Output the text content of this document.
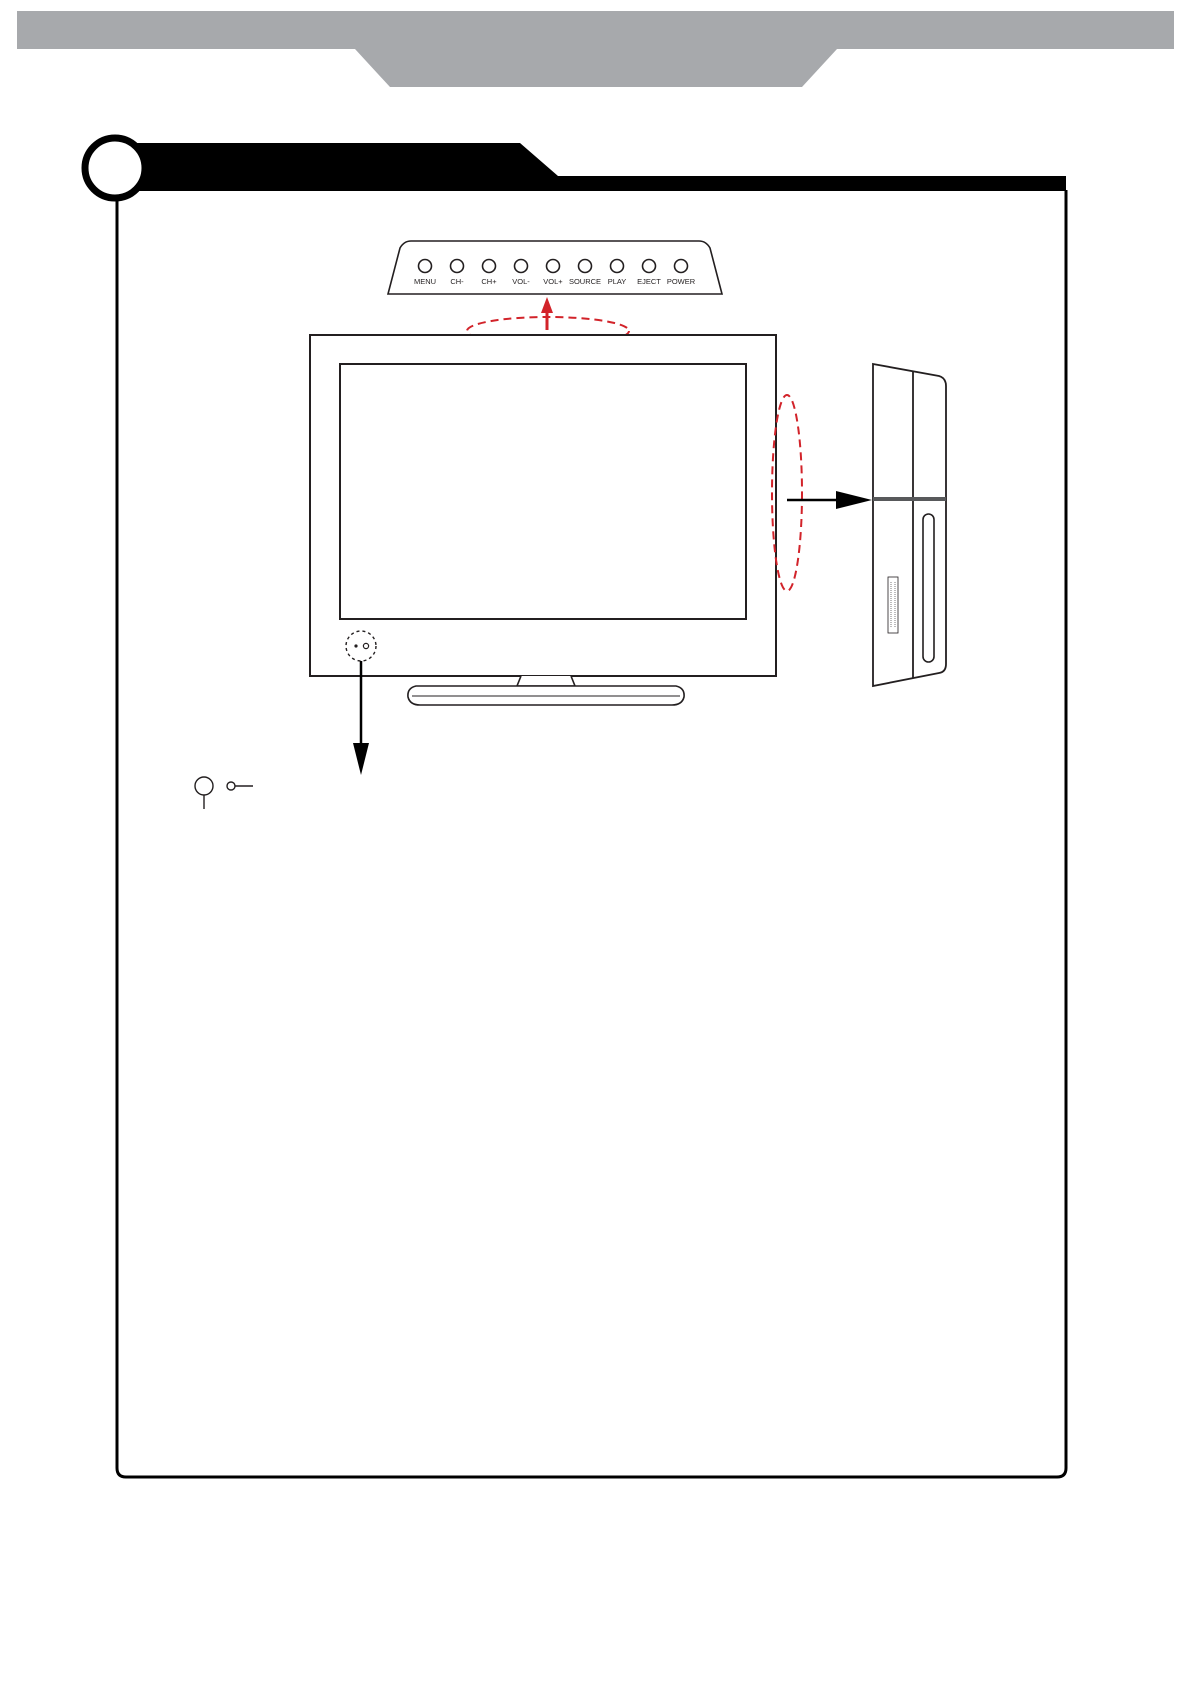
MENU CH- CH+ VOL- VOL+ SOURCE PLAY EJECT POWER
